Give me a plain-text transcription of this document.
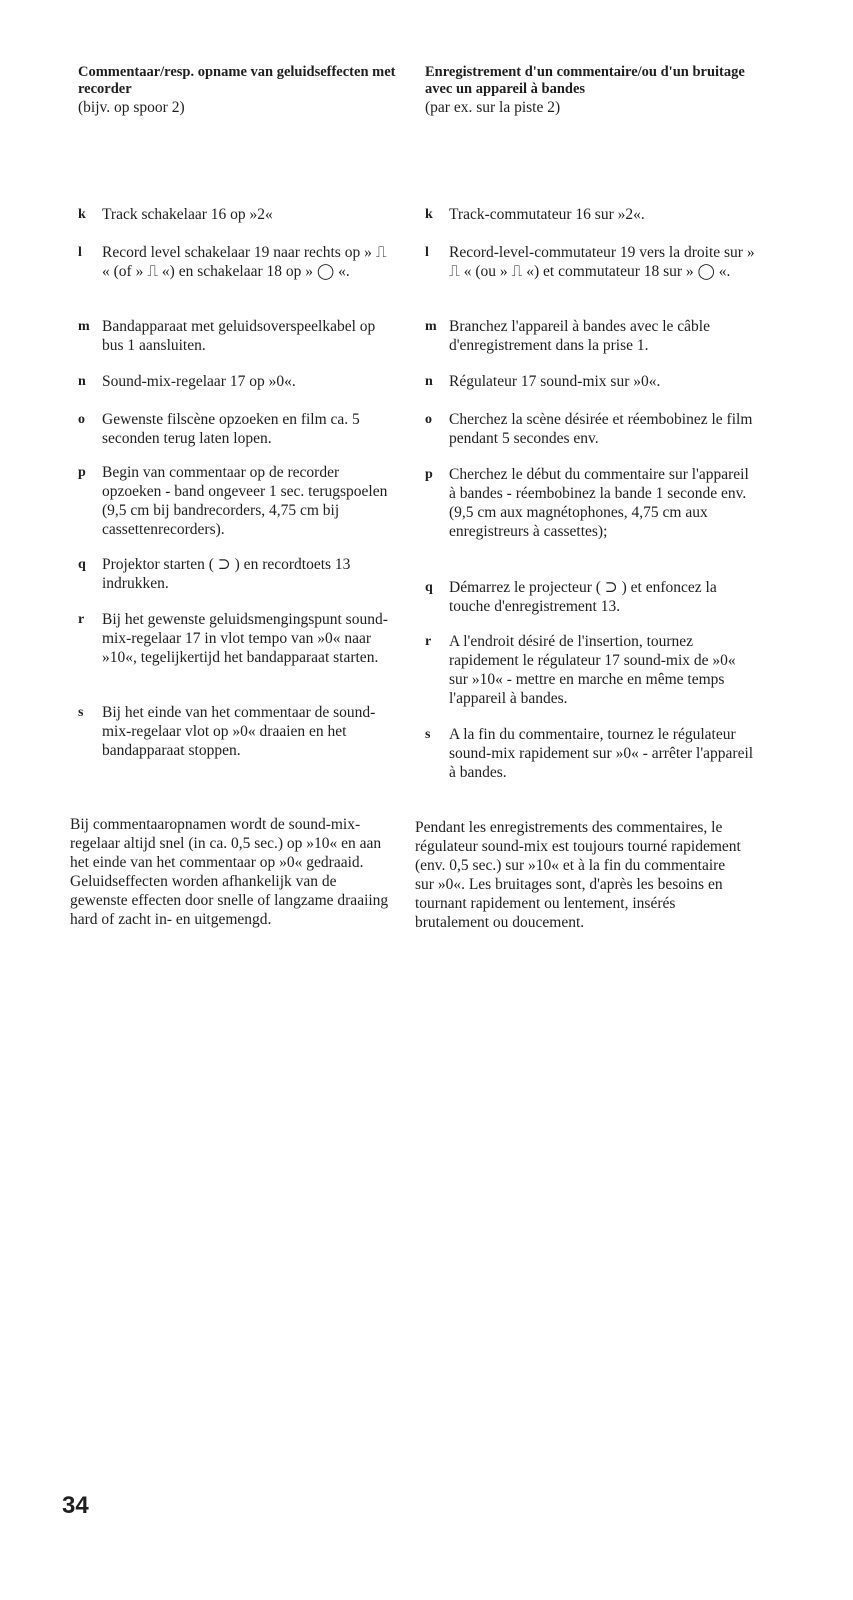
Commentaar/resp. opname van geluidseffecten met recorder
(bijv. op spoor 2)
k	Track schakelaar 16 op »2«
l	Record level schakelaar 19 naar rechts op » ⎍ « (of » ⎍ «) en schakelaar 18 op » ◯ «.
m Bandapparaat met geluidsoverspeelkabel op bus 1 aansluiten.
n	Sound-mix-regelaar 17 op »0«.
o	Gewenste filscène opzoeken en film ca. 5 seconden terug laten lopen.
p	Begin van commentaar op de recorder opzoeken - band ongeveer 1 sec. terugspoelen (9,5 cm bij bandrecorders, 4,75 cm bij cassettenrecorders).
q	Projektor starten ( ⊃ ) en recordtoets 13 indrukken.
r	Bij het gewenste geluidsmengingspunt sound-mix-regelaar 17 in vlot tempo van »0« naar »10«, tegelijkertijd het bandapparaat starten.
s	Bij het einde van het commentaar de sound-mix-regelaar vlot op »0« draaien en het bandapparaat stoppen.
Bij commentaaropnamen wordt de sound-mix-regelaar altijd snel (in ca. 0,5 sec.) op »10« en aan het einde van het commentaar op »0« gedraaid. Geluidseffecten worden afhankelijk van de gewenste effecten door snelle of langzame draaiing hard of zacht in- en uitgemengd.
Enregistrement d'un commentaire/ou d'un bruitage avec un appareil à bandes
(par ex. sur la piste 2)
k	Track-commutateur 16 sur »2«.
l	Record-level-commutateur 19 vers la droite sur » ⎍ « (ou » ⎍ «) et commutateur 18 sur » ◯ «.
m Branchez l'appareil à bandes avec le câble d'enregistrement dans la prise 1.
n	Régulateur 17 sound-mix sur »0«.
o	Cherchez la scène désirée et réembobinez le film pendant 5 secondes env.
p	Cherchez le début du commentaire sur l'appareil à bandes - réembobinez la bande 1 seconde env. (9,5 cm aux magnétophones, 4,75 cm aux enregistreurs à cassettes);
q	Démarrez le projecteur ( ⊃ ) et enfoncez la touche d'enregistrement 13.
r	A l'endroit désiré de l'insertion, tournez rapidement le régulateur 17 sound-mix de »0« sur »10« - mettre en marche en même temps l'appareil à bandes.
s	A la fin du commentaire, tournez le régulateur sound-mix rapidement sur »0« - arrêter l'appareil à bandes.
Pendant les enregistrements des commentaires, le régulateur sound-mix est toujours tourné rapidement (env. 0,5 sec.) sur »10« et à la fin du commentaire sur »0«. Les bruitages sont, d'après les besoins en tournant rapidement ou lentement, insérés brutalement ou doucement.
34
